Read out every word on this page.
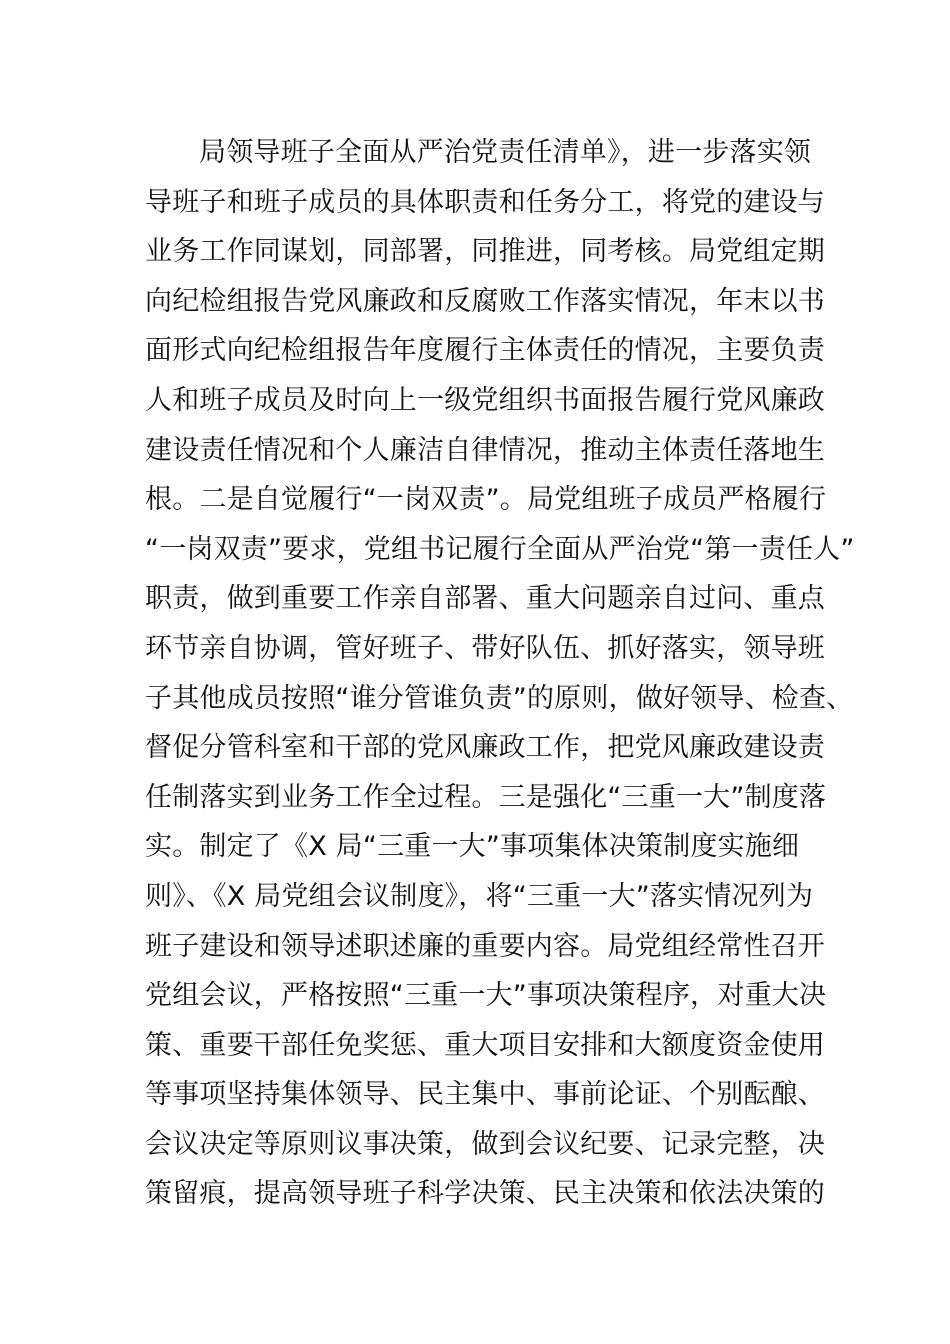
局领导班子全面从严治党责任清单》，进一步落实领
导班子和班子成员的具体职责和任务分工，将党的建设与
业务工作同谋划，同部署，同推进，同考核。局党组定期
向纪检组报告党风廉政和反腐败工作落实情况，年末以书
面形式向纪检组报告年度履行主体责任的情况，主要负责
人和班子成员及时向上一级党组织书面报告履行党风廉政
建设责任情况和个人廉洁自律情况，推动主体责任落地生
根。二是自觉履行“一岗双责”。局党组班子成员严格履行
“一岗双责”要求，党组书记履行全面从严治党“第一责任人”
职责，做到重要工作亲自部署、重大问题亲自过问、重点
环节亲自协调，管好班子、带好队伍、抓好落实，领导班
子其他成员按照“谁分管谁负责”的原则，做好领导、检查、
督促分管科室和干部的党风廉政工作，把党风廉政建设责
任制落实到业务工作全过程。三是强化“三重一大”制度落
实。制定了《X 局“三重一大”事项集体决策制度实施细
则》、《X 局党组会议制度》，将“三重一大”落实情况列为
班子建设和领导述职述廉的重要内容。局党组经常性召开
党组会议，严格按照“三重一大”事项决策程序，对重大决
策、重要干部任免奖惩、重大项目安排和大额度资金使用
等事项坚持集体领导、民主集中、事前论证、个别酝酿、
会议决定等原则议事决策，做到会议纪要、记录完整，决
策留痕，提高领导班子科学决策、民主决策和依法决策的
